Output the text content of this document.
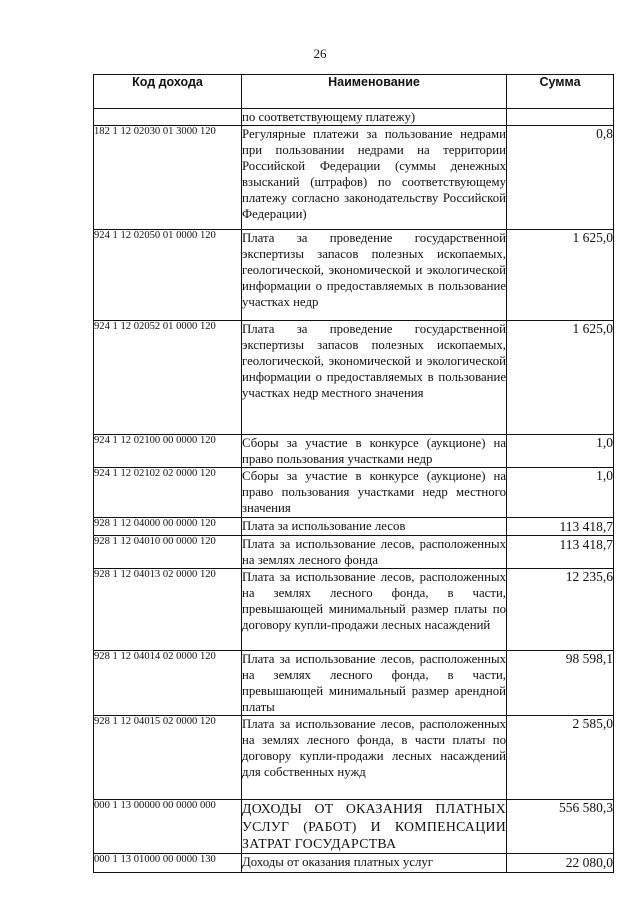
26
Код дохода	Наименование	Сумма
	по соответствующему платежу)	
182 1 12 02030 01 3000 120	Регулярные платежи за пользование недрами при пользовании недрами на территории Российской Федерации (суммы денежных взысканий (штрафов) по соответствующему платежу согласно законодательству Российской Федерации)	0,8
924 1 12 02050 01 0000 120	Плата за проведение государственной экспертизы запасов полезных ископаемых, геологической, экономической и экологической информации о предоставляемых в пользование участках недр	1 625,0
924 1 12 02052 01 0000 120	Плата за проведение государственной экспертизы запасов полезных ископаемых, геологической, экономической и экологической информации о предоставляемых в пользование участках недр местного значения	1 625,0
924 1 12 02100 00 0000 120	Сборы за участие в конкурсе (аукционе) на право пользования участками недр	1,0
924 1 12 02102 02 0000 120	Сборы за участие в конкурсе (аукционе) на право пользования участками недр местного значения	1,0
928 1 12 04000 00 0000 120	Плата за использование лесов	113 418,7
928 1 12 04010 00 0000 120	Плата за использование лесов, расположенных на землях лесного фонда	113 418,7
928 1 12 04013 02 0000 120	Плата за использование лесов, расположенных на землях лесного фонда, в части, превышающей минимальный размер платы по договору купли-продажи лесных насаждений	12 235,6
928 1 12 04014 02 0000 120	Плата за использование лесов, расположенных на землях лесного фонда, в части, превышающей минимальный размер арендной платы	98 598,1
928 1 12 04015 02 0000 120	Плата за использование лесов, расположенных на землях лесного фонда, в части платы по договору купли-продажи лесных насаждений для собственных нужд	2 585,0
000 1 13 00000 00 0000 000	ДОХОДЫ ОТ ОКАЗАНИЯ ПЛАТНЫХ УСЛУГ (РАБОТ) И КОМПЕНСАЦИИ ЗАТРАТ ГОСУДАРСТВА	556 580,3
000 1 13 01000 00 0000 130	Доходы от оказания платных услуг	22 080,0
